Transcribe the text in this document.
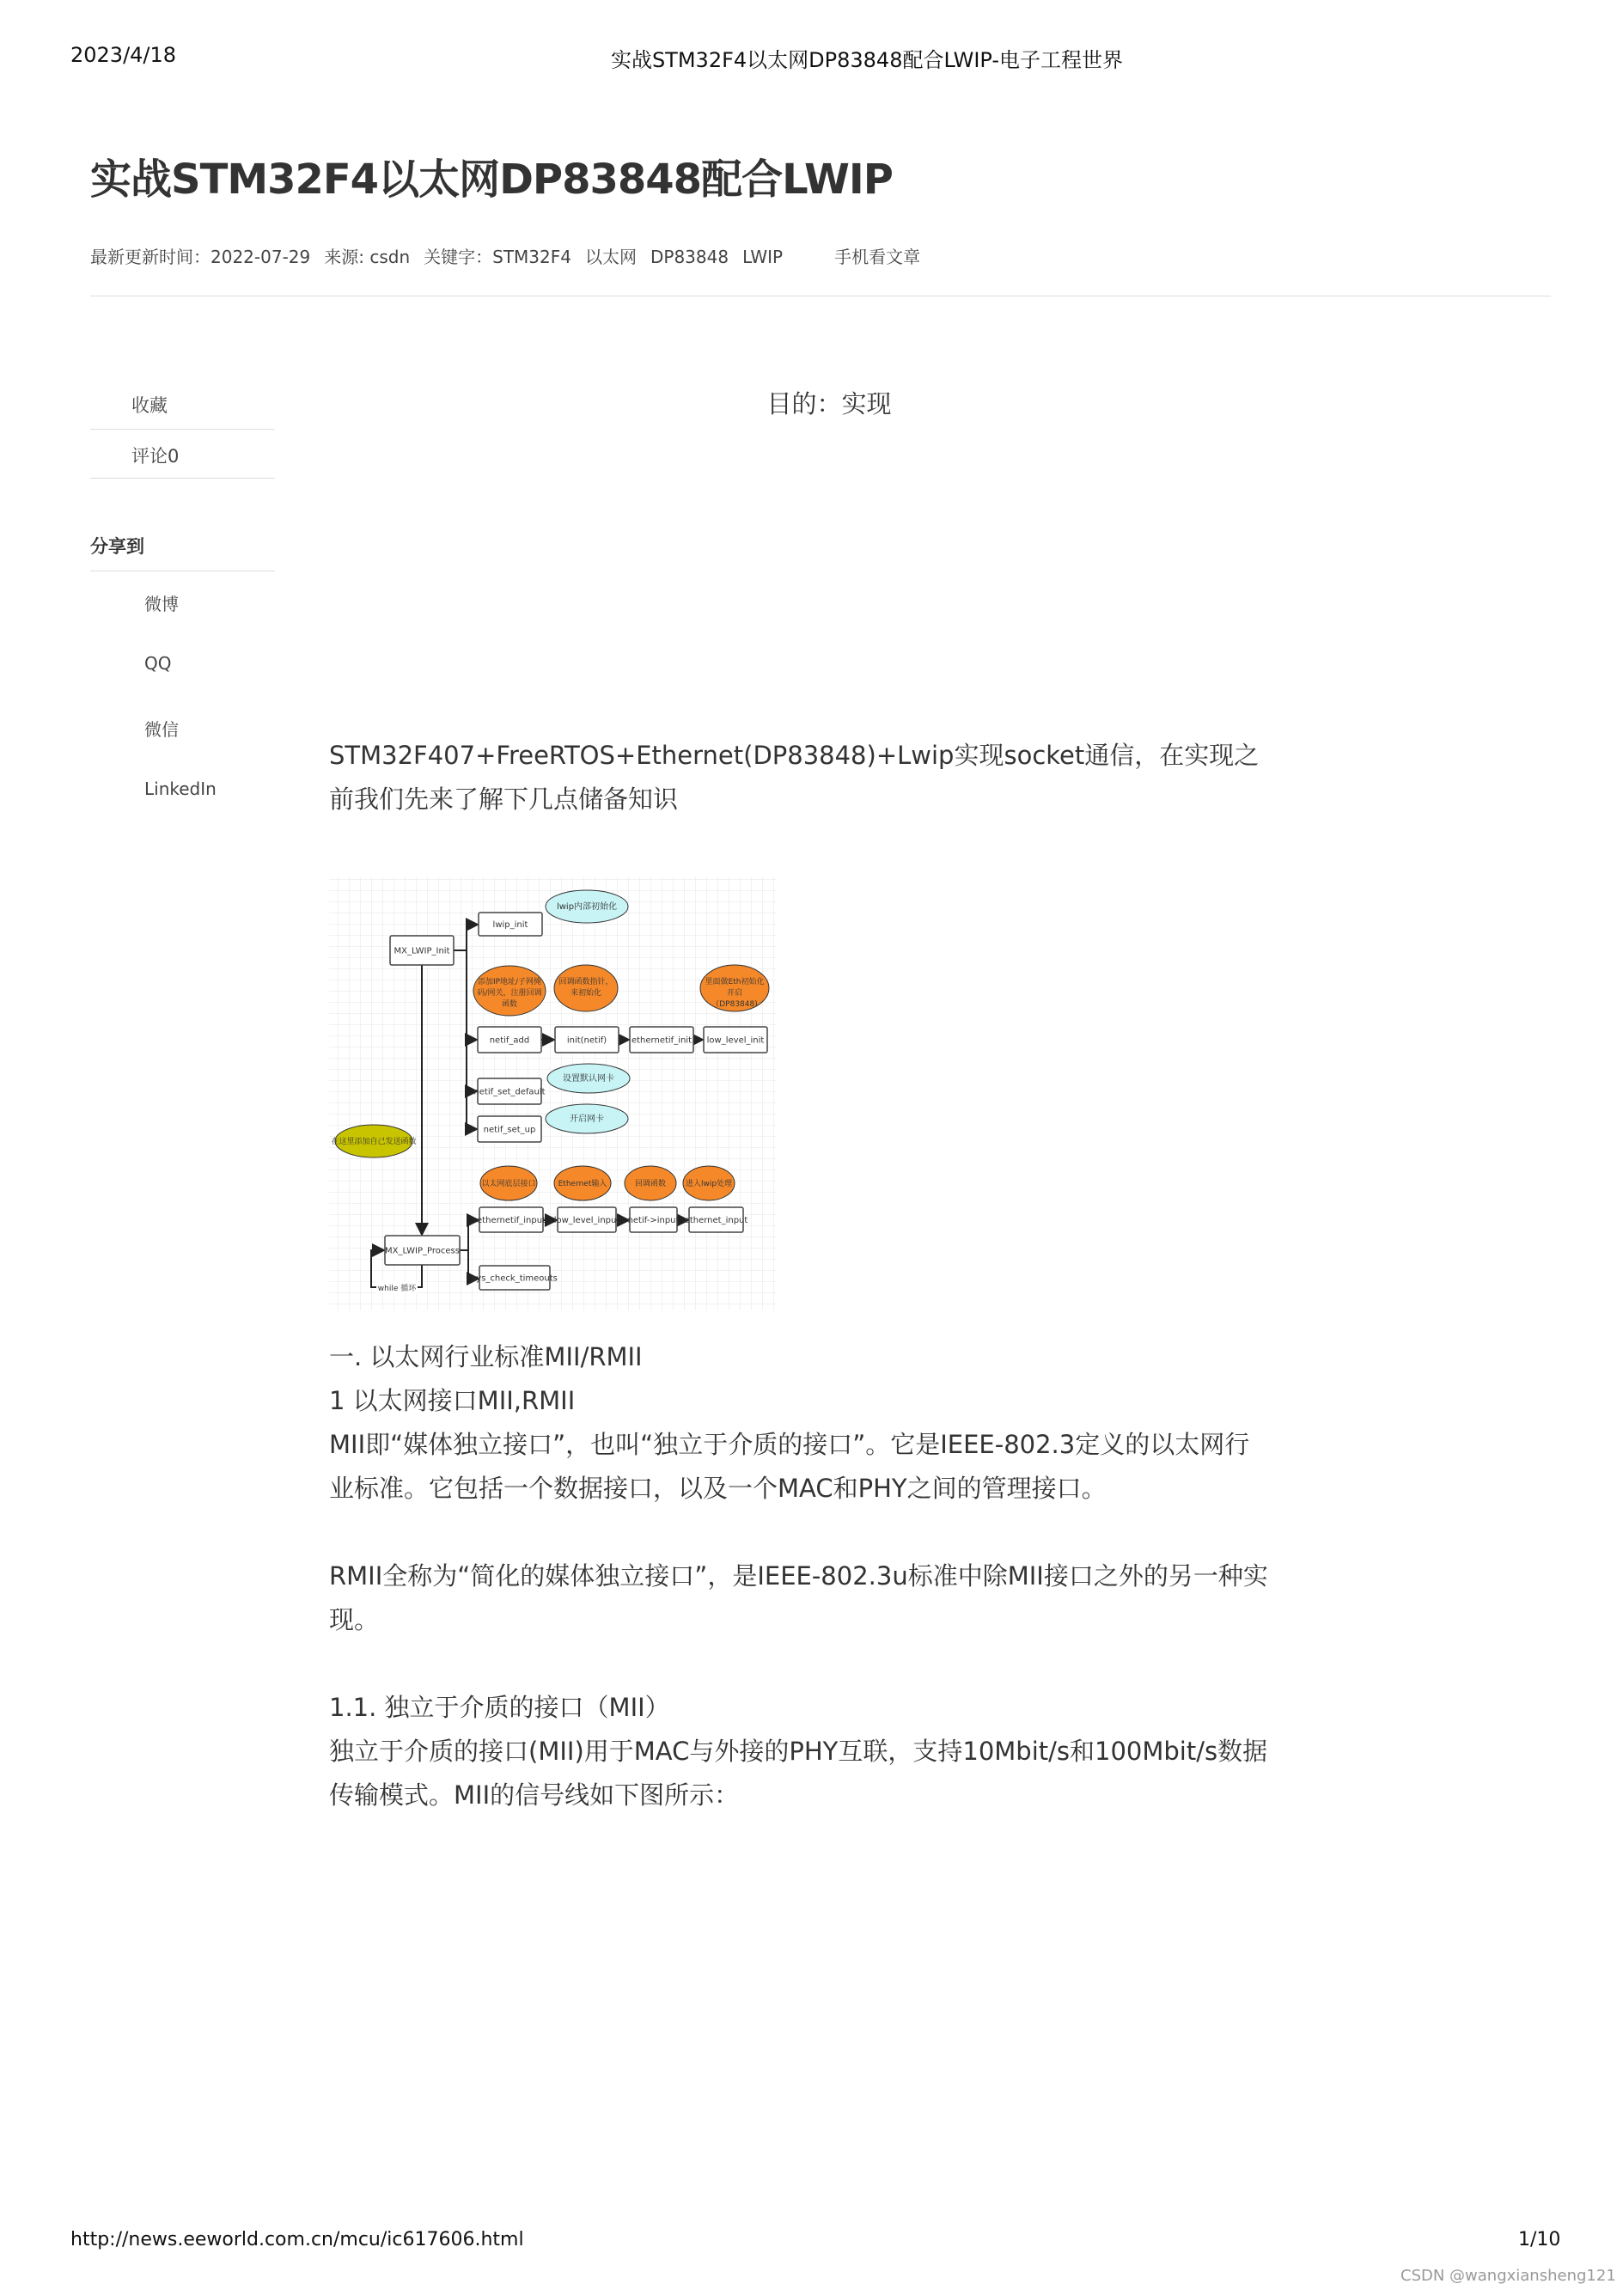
2023/4/18	实战STM32F4以太网DP83848配合LWIP-电子工程世界
实战STM32F4以太网DP83848配合LWIP
最新更新时间：2022-07-29 来源: csdn 关键字：STM32F4 以太网 DP83848 LWIP	手机看文章
收藏
评论0
分享到
微博
QQ
微信
LinkedIn
目的：实现

STM32F407+FreeRTOS+Ethernet(DP83848)+Lwip实现socket通信，在实现之前我们先来了解下几点储备知识

lwip内部初始化
设置默认网卡
开启网卡
添加IP地址/子网掩码/网关，注册回调函数
回调函数指针，来初始化
里面做Eth初始化开启（DP83848)
在这里添加自己发送函数
以太网底层接口	Ethernet输入	回调函数	进入lwip处理
while 循环
MX_LWIP_Init
lwip_init
netif_add	init(netif)	ethernetif_init low_level_init
netif_set_default
netif_set_up
ethernetif_input low_level_input netif->input ethernet_input
MX_LWIP_Process
sys_check_timeouts

一. 以太网行业标准MII/RMII

1 以太网接口MII,RMII

MII即“媒体独立接口”，也叫“独立于介质的接口”。它是IEEE-802.3定义的以太网行业标准。它包括一个数据接口，以及一个MAC和PHY之间的管理接口。

RMII全称为“简化的媒体独立接口”，是IEEE-802.3u标准中除MII接口之外的另一种实现。

1.1. 独立于介质的接口（MII）

独立于介质的接口(MII)用于MAC与外接的PHY互联，支持10Mbit/s和100Mbit/s数据传输模式。MII的信号线如下图所示：

http://news.eeworld.com.cn/mcu/ic617606.html	1/10
CSDN @wangxiansheng121
